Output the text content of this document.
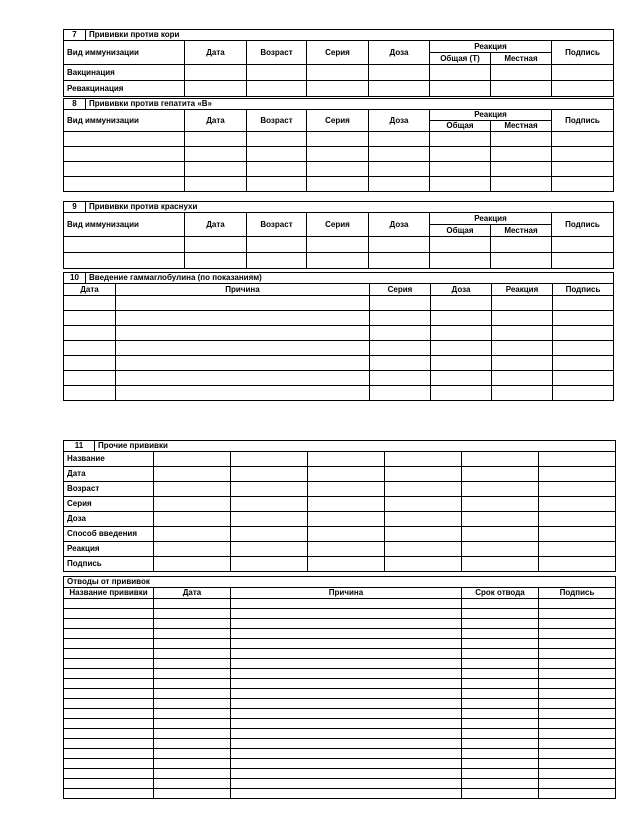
7	Прививки против кори							
Вид иммунизации		Дата	Возраст	Серия	Доза	Реакция		Подпись
						Общая (Т)	Местная	
Вакцинация								
Ревакцинация								
8	Прививки против гепатита «В»							
Вид иммунизации		Дата	Возраст	Серия	Доза	Реакция		Подпись
						Общая	Местная	

9	Прививки против краснухи							
Вид иммунизации		Дата	Возраст	Серия	Доза	Реакция		Подпись
						Общая	Местная	

10	Введение гаммаглобулина (по показаниям)					
Дата		Причина	Серия	Доза	Реакция	Подпись

11	Прочие прививки						
Название							
Дата							
Возраст							
Серия							
Доза							
Способ введения							
Реакция							
Подпись							
Отводы от прививок				
Название прививки	Дата	Причина	Срок отвода	Подпись
